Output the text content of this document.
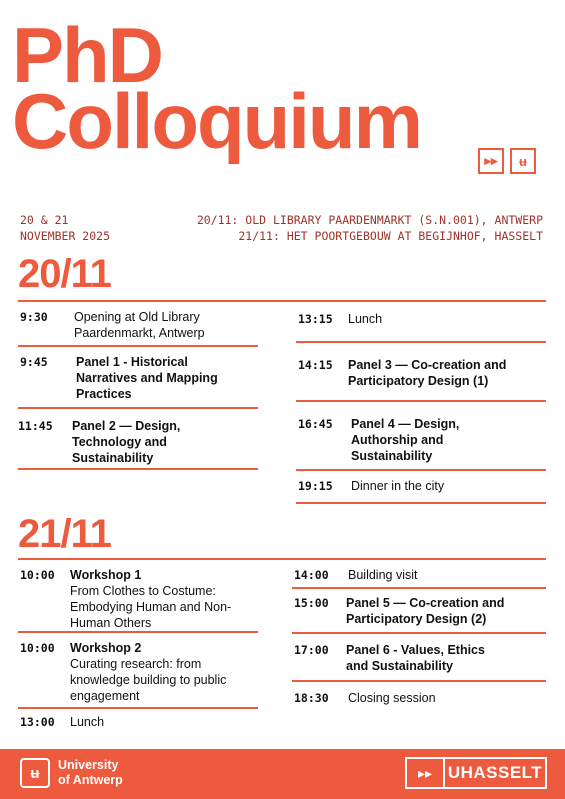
PhD
Colloquium	▸▸	ʉ
20 & 21
NOVEMBER 2025
20/11: OLD LIBRARY PAARDENMARKT (S.N.001), ANTWERP
21/11: HET POORTGEBOUW AT BEGIJNHOF, HASSELT
20/11
9:30	Opening at Old Library
Paardenmarkt, Antwerp
9:45	Panel 1 - Historical
Narratives and Mapping
Practices
11:45	Panel 2 — Design,
Technology and
Sustainability
13:15	Lunch
14:15	Panel 3 — Co-creation and
Participatory Design (1)
16:45	Panel 4 — Design,
Authorship and
Sustainability
19:15	Dinner in the city
21/11
10:00	Workshop 1
From Clothes to Costume:
Embodying Human and Non-
Human Others
10:00	Workshop 2
Curating research: from
knowledge building to public
engagement
13:00	Lunch
14:00	Building visit
15:00	Panel 5 — Co-creation and
Participatory Design (2)
17:00	Panel 6 - Values, Ethics
and Sustainability
18:30	Closing session
ʉ	University
of Antwerp	▸▸ UHASSELT
